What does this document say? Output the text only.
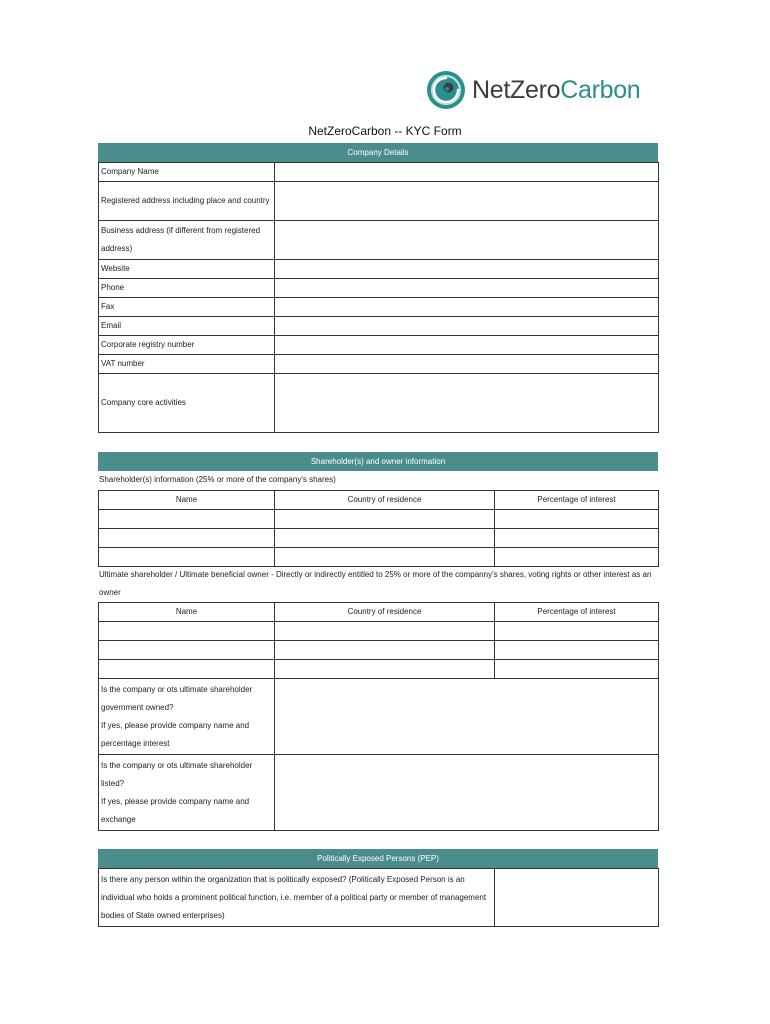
NetZeroCarbon
NetZeroCarbon -- KYC Form
Company Details
Company Name	
Registered address including place and country	
Business address (if different from registered address)	
Website	
Phone	
Fax	
Email	
Corporate registry number	
VAT number	
Company core activities	
Shareholder(s) and owner information
Shareholder(s) information (25% or more of the company's shares)
Name	Country of residence	Percentage of interest

Ultimate shareholder / Ultimate beneficial owner - Directly or indirectly entitled to 25% or more of the companny's shares, voting rights or other interest as an owner
Name	Country of residence	Percentage of interest

Is the company or ots ultimate shareholder government owned?
If yes, please provide company name and percentage interest	

Is the company or ots ultimate shareholder listed?
If yes, please provide company name and exchange	

Politically Exposed Persons (PEP)
Is there any person within the organization that is politically exposed? (Politically Exposed Person is an individual who holds a prominent political function, i.e. member of a political party or member of management bodies of State owned enterprises)	
